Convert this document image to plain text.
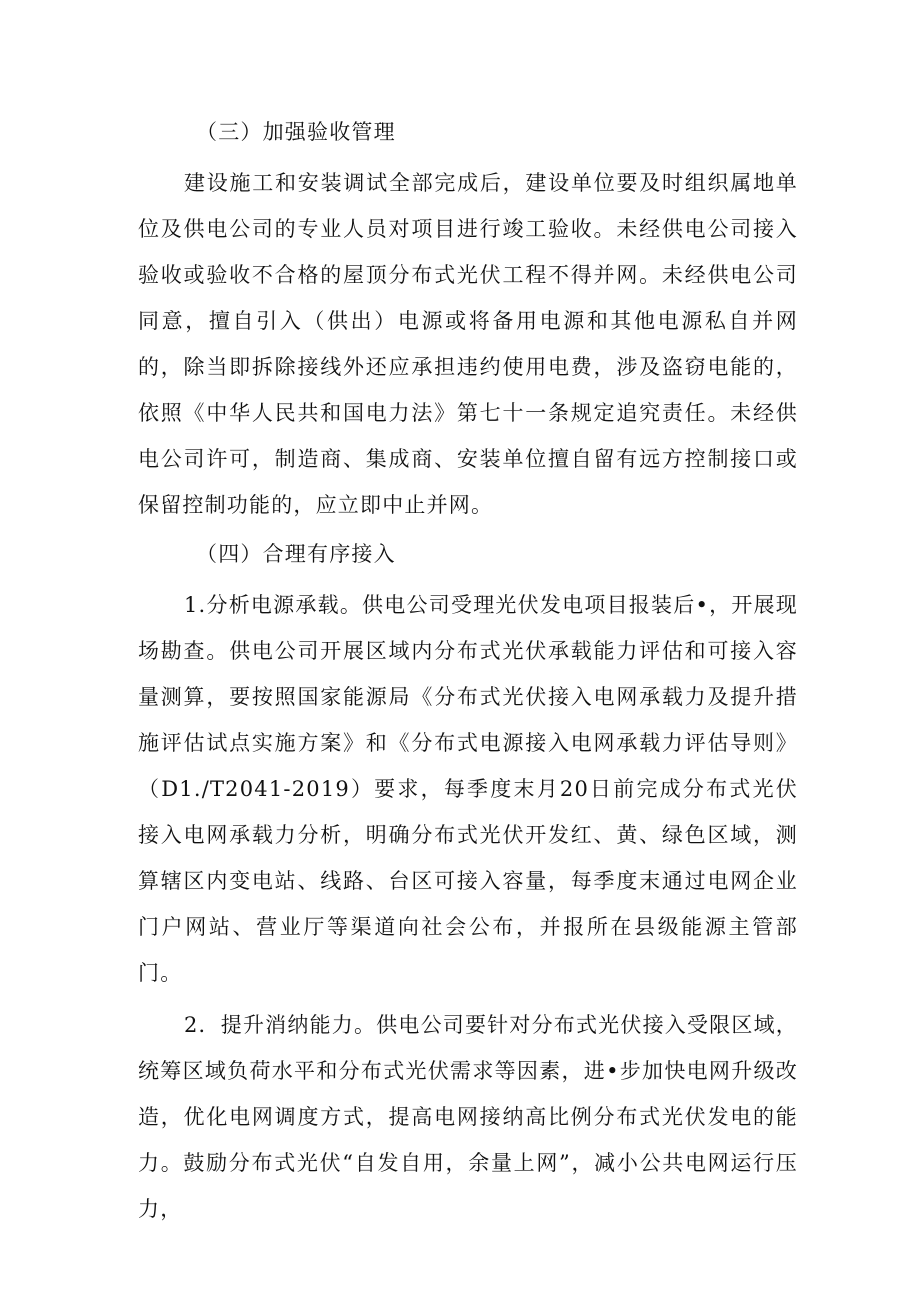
（三）加强验收管理

建设施工和安装调试全部完成后，建设单位要及时组织属地单位及供电公司的专业人员对项目进行竣工验收。未经供电公司接入验收或验收不合格的屋顶分布式光伏工程不得并网。未经供电公司同意，擅自引入（供出）电源或将备用电源和其他电源私自并网的，除当即拆除接线外还应承担违约使用电费，涉及盗窃电能的，依照《中华人民共和国电力法》第七十一条规定追究责任。未经供电公司许可，制造商、集成商、安装单位擅自留有远方控制接口或保留控制功能的，应立即中止并网。

（四）合理有序接入

1.分析电源承载。供电公司受理光伏发电项目报装后•，开展现场勘查。供电公司开展区域内分布式光伏承载能力评估和可接入容量测算，要按照国家能源局《分布式光伏接入电网承载力及提升措施评估试点实施方案》和《分布式电源接入电网承载力评估导则》（D1./T2041-2019）要求，每季度末月20日前完成分布式光伏接入电网承载力分析，明确分布式光伏开发红、黄、绿色区域，测算辖区内变电站、线路、台区可接入容量，每季度末通过电网企业门户网站、营业厅等渠道向社会公布，并报所在县级能源主管部门。

2．提升消纳能力。供电公司要针对分布式光伏接入受限区域，统筹区域负荷水平和分布式光伏需求等因素，进•步加快电网升级改造，优化电网调度方式，提高电网接纳高比例分布式光伏发电的能力。鼓励分布式光伏“自发自用，余量上网”，减小公共电网运行压力，
